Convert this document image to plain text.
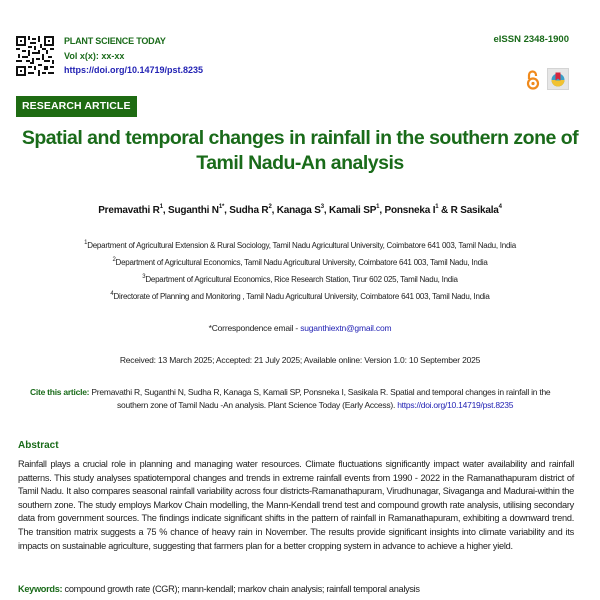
PLANT SCIENCE TODAY
Vol x(x): xx-xx
https://doi.org/10.14719/pst.8235
eISSN 2348-1900
RESEARCH ARTICLE
Spatial and temporal changes in rainfall in the southern zone of
Tamil Nadu-An analysis
Premavathi $R^1$, Suganthi $N^{1*}$, Sudha $R^2$, Kanaga $S^3$, Kamali $SP^1$, Ponsneka $I^1$ & R Sasikala$^4$
$^1$Department of Agricultural Extension & Rural Sociology, Tamil Nadu Agricultural University, Coimbatore 641 003, Tamil Nadu, India
$^2$Department of Agricultural Economics, Tamil Nadu Agricultural University, Coimbatore 641 003, Tamil Nadu, India
$^3$Department of Agricultural Economics, Rice Research Station, Tirur 602 025, Tamil Nadu, India
$^4$Directorate of Planning and Monitoring , Tamil Nadu Agricultural University, Coimbatore 641 003, Tamil Nadu, India
*Correspondence email - suganthiextn@gmail.com
Received: 13 March 2025; Accepted: 21 July 2025; Available online: Version 1.0: 10 September 2025
Cite this article: Premavathi R, Suganthi N, Sudha R, Kanaga S, Kamali SP, Ponsneka I, Sasikala R. Spatial and temporal changes in rainfall in the
southern zone of Tamil Nadu -An analysis. Plant Science Today (Early Access). https://doi.org/10.14719/pst.8235
Abstract
Rainfall plays a crucial role in planning and managing water resources. Climate fluctuations significantly impact water availability and rainfall patterns. This study analyses spatiotemporal changes and trends in extreme rainfall events from 1990 - 2022 in the Ramanathapuram district of Tamil Nadu. It also compares seasonal rainfall variability across four districts-Ramanathapuram, Virudhunagar, Sivaganga and Madurai-within the southern zone. The study employs Markov Chain modelling, the Mann-Kendall trend test and compound growth rate analysis, utilising secondary data from government sources. The findings indicate significant shifts in the pattern of rainfall in Ramanathapuram, exhibiting a downward trend. The transition matrix suggests a 75 % chance of heavy rain in November. The results provide significant insights into climate variability and its impacts on sustainable agriculture, suggesting that farmers plan for a better cropping system in advance to achieve a higher yield.
Keywords: compound growth rate (CGR); mann-kendall; markov chain analysis; rainfall temporal analysis
